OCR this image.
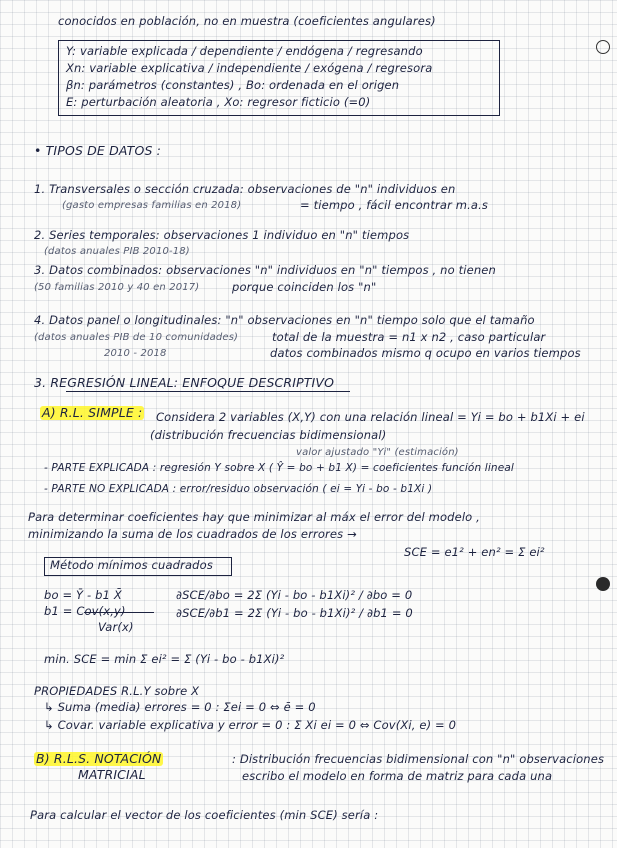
conocidos en población, no en muestra (coeficientes angulares)
Y: variable explicada / dependiente / endógena / regresando
Xn: variable explicativa / independiente / exógena / regresora
βn: parámetros (constantes) , Bo: ordenada en el origen
E: perturbación aleatoria , Xo: regresor ficticio (=0)
• TIPOS DE DATOS :
1. Transversales o sección cruzada: observaciones de "n" individuos en
(gasto empresas familias en 2018)	= tiempo , fácil encontrar m.a.s
2. Series temporales: observaciones 1 individuo en "n" tiempos
(datos anuales PIB 2010-18)
3. Datos combinados: observaciones "n" individuos en "n" tiempos , no tienen
(50 familias 2010 y 40 en 2017)	porque coinciden los "n"
4. Datos panel o longitudinales: "n" observaciones en "n" tiempo solo que el tamaño
(datos anuales PIB de 10 comunidades)	total de la muestra = n1 x n2 , caso particular
2010 - 2018	datos combinados mismo q ocupo en varios tiempos
3. REGRESIÓN LINEAL: ENFOQUE DESCRIPTIVO
A) R.L. SIMPLE : Considera 2 variables (X,Y) con una relación lineal = Yi = bo + b1Xi + ei
(distribución frecuencias bidimensional)
valor ajustado "Yi" (estimación)
- PARTE EXPLICADA : regresión Y sobre X ( Ŷ = bo + b1 X) = coeficientes función lineal
- PARTE NO EXPLICADA : error/residuo observación ( ei = Yi - bo - b1Xi )
Para determinar coeficientes hay que minimizar al máx el error del modelo ,
minimizando la suma de los cuadrados de los errores →
SCE = e1² + en² = Σ ei²
Método mínimos cuadrados
bo = Ȳ - b1 X̄	∂SCE/∂bo = 2Σ (Yi - bo - b1Xi)² / ∂bo = 0
b1 = Cov(x,y)	∂SCE/∂b1 = 2Σ (Yi - bo - b1Xi)² / ∂b1 = 0
Var(x)
min. SCE = min Σ ei² = Σ (Yi - bo - b1Xi)²
PROPIEDADES R.L.Y sobre X
↳ Suma (media) errores = 0 : Σei = 0 ⇔ ē = 0
↳ Covar. variable explicativa y error = 0 : Σ Xi ei = 0 ⇔ Cov(Xi, e) = 0
B) R.L.S. NOTACIÓN
MATRICIAL
: Distribución frecuencias bidimensional con "n" observaciones
escribo el modelo en forma de matriz para cada una
Para calcular el vector de los coeficientes (min SCE) sería :
